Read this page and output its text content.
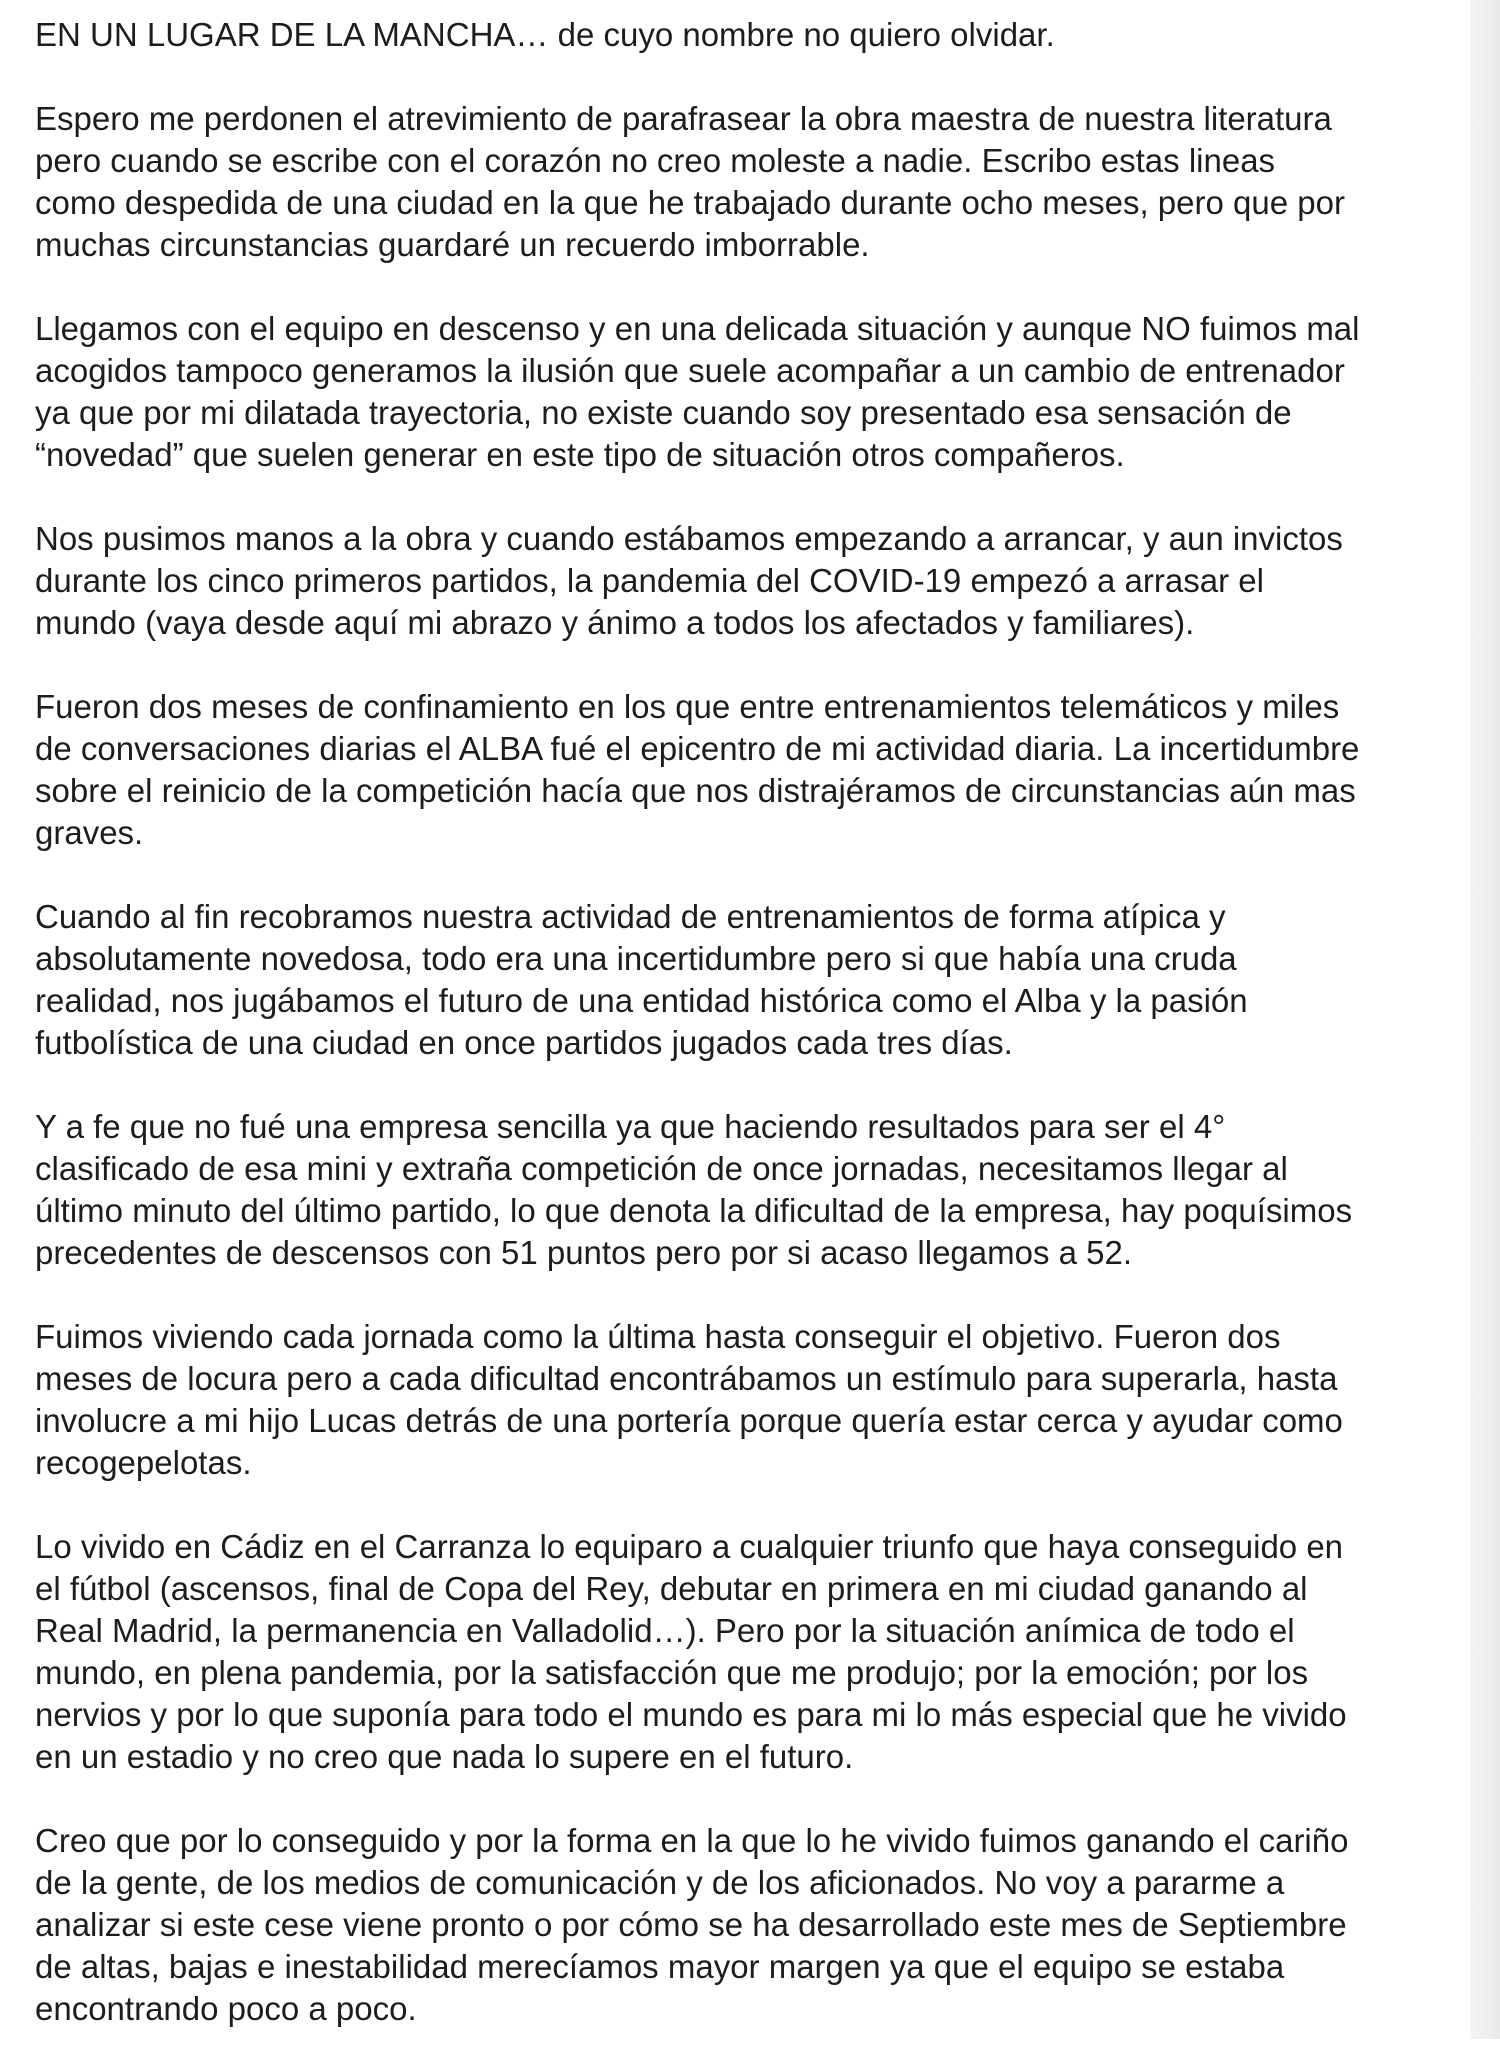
EN UN LUGAR DE LA MANCHA… de cuyo nombre no quiero olvidar.

Espero me perdonen el atrevimiento de parafrasear la obra maestra de nuestra literatura
pero cuando se escribe con el corazón no creo moleste a nadie. Escribo estas lineas
como despedida de una ciudad en la que he trabajado durante ocho meses, pero que por
muchas circunstancias guardaré un recuerdo imborrable.

Llegamos con el equipo en descenso y en una delicada situación y aunque NO fuimos mal
acogidos tampoco generamos la ilusión que suele acompañar a un cambio de entrenador
ya que por mi dilatada trayectoria, no existe cuando soy presentado esa sensación de
“novedad” que suelen generar en este tipo de situación otros compañeros.

Nos pusimos manos a la obra y cuando estábamos empezando a arrancar, y aun invictos
durante los cinco primeros partidos, la pandemia del COVID-19 empezó a arrasar el
mundo (vaya desde aquí mi abrazo y ánimo a todos los afectados y familiares).

Fueron dos meses de confinamiento en los que entre entrenamientos telemáticos y miles
de conversaciones diarias el ALBA fué el epicentro de mi actividad diaria. La incertidumbre
sobre el reinicio de la competición hacía que nos distrajéramos de circunstancias aún mas
graves.

Cuando al fin recobramos nuestra actividad de entrenamientos de forma atípica y
absolutamente novedosa, todo era una incertidumbre pero si que había una cruda
realidad, nos jugábamos el futuro de una entidad histórica como el Alba y la pasión
futbolística de una ciudad en once partidos jugados cada tres días.

Y a fe que no fué una empresa sencilla ya que haciendo resultados para ser el 4°
clasificado de esa mini y extraña competición de once jornadas, necesitamos llegar al
último minuto del último partido, lo que denota la dificultad de la empresa, hay poquísimos
precedentes de descensos con 51 puntos pero por si acaso llegamos a 52.

Fuimos viviendo cada jornada como la última hasta conseguir el objetivo. Fueron dos
meses de locura pero a cada dificultad encontrábamos un estímulo para superarla, hasta
involucre a mi hijo Lucas detrás de una portería porque quería estar cerca y ayudar como
recogepelotas.

Lo vivido en Cádiz en el Carranza lo equiparo a cualquier triunfo que haya conseguido en
el fútbol (ascensos, final de Copa del Rey, debutar en primera en mi ciudad ganando al
Real Madrid, la permanencia en Valladolid…). Pero por la situación anímica de todo el
mundo, en plena pandemia, por la satisfacción que me produjo; por la emoción; por los
nervios y por lo que suponía para todo el mundo es para mi lo más especial que he vivido
en un estadio y no creo que nada lo supere en el futuro.

Creo que por lo conseguido y por la forma en la que lo he vivido fuimos ganando el cariño
de la gente, de los medios de comunicación y de los aficionados. No voy a pararme a
analizar si este cese viene pronto o por cómo se ha desarrollado este mes de Septiembre
de altas, bajas e inestabilidad merecíamos mayor margen ya que el equipo se estaba
encontrando poco a poco.
